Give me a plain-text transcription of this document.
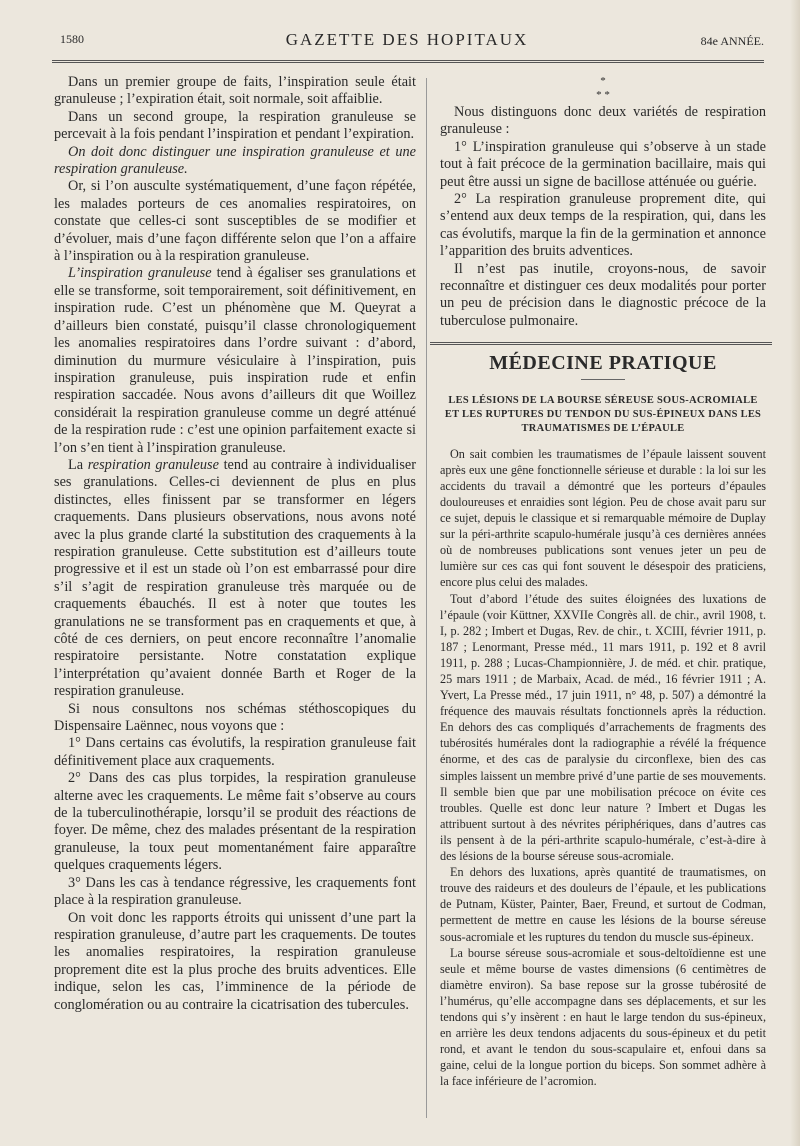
1580	GAZETTE DES HOPITAUX	84e ANNÉE.

Dans un premier groupe de faits, l’inspiration seule était granuleuse ; l’expiration était, soit normale, soit affaiblie.

Dans un second groupe, la respiration granuleuse se percevait à la fois pendant l’inspiration et pendant l’expiration.

On doit donc distinguer une inspiration granuleuse et une respiration granuleuse.

Or, si l’on ausculte systématiquement, d’une façon répétée, les malades porteurs de ces anomalies respiratoires, on constate que celles-ci sont susceptibles de se modifier et d’évoluer, mais d’une façon différente selon que l’on a affaire à l’inspiration ou à la respiration granuleuse.

L’inspiration granuleuse tend à égaliser ses granulations et elle se transforme, soit temporairement, soit définitivement, en inspiration rude. C’est un phénomène que M. Queyrat a d’ailleurs bien constaté, puisqu’il classe chronologiquement les anomalies respiratoires dans l’ordre suivant : d’abord, diminution du murmure vésiculaire à l’inspiration, puis inspiration granuleuse, puis inspiration rude et enfin respiration saccadée. Nous avons d’ailleurs dit que Woillez considérait la respiration granuleuse comme un degré atténué de la respiration rude : c’est une opinion parfaitement exacte si l’on s’en tient à l’inspiration granuleuse.

La respiration granuleuse tend au contraire à individualiser ses granulations. Celles-ci deviennent de plus en plus distinctes, elles finissent par se transformer en légers craquements. Dans plusieurs observations, nous avons noté avec la plus grande clarté la substitution des craquements à la respiration granuleuse. Cette substitution est d’ailleurs toute progressive et il est un stade où l’on est embarrassé pour dire s’il s’agit de respiration granuleuse très marquée ou de craquements ébauchés. Il est à noter que toutes les granulations ne se transforment pas en craquements et que, à côté de ces derniers, on peut encore reconnaître l’anomalie respiratoire persistante. Notre constatation explique l’interprétation qu’avaient donnée Barth et Roger de la respiration granuleuse.

Si nous consultons nos schémas stéthoscopiques du Dispensaire Laënnec, nous voyons que :

1° Dans certains cas évolutifs, la respiration granuleuse fait définitivement place aux craquements.

2° Dans des cas plus torpides, la respiration granuleuse alterne avec les craquements. Le même fait s’observe au cours de la tuberculinothérapie, lorsqu’il se produit des réactions de foyer. De même, chez des malades présentant de la respiration granuleuse, la toux peut momentanément faire apparaître quelques craquements légers.

3° Dans les cas à tendance régressive, les craquements font place à la respiration granuleuse.

On voit donc les rapports étroits qui unissent d’une part la respiration granuleuse, d’autre part les craquements. De toutes les anomalies respiratoires, la respiration granuleuse proprement dite est la plus proche des bruits adventices. Elle indique, selon les cas, l’imminence de la période de conglomération ou au contraire la cicatrisation des tubercules.

*
* *

Nous distinguons donc deux variétés de respiration granuleuse :

1° L’inspiration granuleuse qui s’observe à un stade tout à fait précoce de la germination bacillaire, mais qui peut être aussi un signe de bacillose atténuée ou guérie.

2° La respiration granuleuse proprement dite, qui s’entend aux deux temps de la respiration, qui, dans les cas évolutifs, marque la fin de la germination et annonce l’apparition des bruits adventices.

Il n’est pas inutile, croyons-nous, de savoir reconnaître et distinguer ces deux modalités pour porter un peu de précision dans le diagnostic précoce de la tuberculose pulmonaire.

MÉDECINE PRATIQUE
LES LÉSIONS DE LA BOURSE SÉREUSE SOUS-ACROMIALE ET LES RUPTURES DU TENDON DU SUS-ÉPINEUX DANS LES TRAUMATISMES DE L’ÉPAULE

On sait combien les traumatismes de l’épaule laissent souvent après eux une gêne fonctionnelle sérieuse et durable : la loi sur les accidents du travail a démontré que les porteurs d’épaules douloureuses et enraidies sont légion. Peu de chose avait paru sur ce sujet, depuis le classique et si remarquable mémoire de Duplay sur la péri-arthrite scapulo-humérale jusqu’à ces dernières années où de nombreuses publications sont venues jeter un peu de lumière sur ces cas qui font souvent le désespoir des praticiens, encore plus celui des malades.

Tout d’abord l’étude des suites éloignées des luxations de l’épaule (voir Küttner, XXVIIe Congrès all. de chir., avril 1908, t. I, p. 282 ; Imbert et Dugas, Rev. de chir., t. XCIII, février 1911, p. 187 ; Lenormant, Presse méd., 11 mars 1911, p. 192 et 8 avril 1911, p. 288 ; Lucas-Championnière, J. de méd. et chir. pratique, 25 mars 1911 ; de Marbaix, Acad. de méd., 16 février 1911 ; A. Yvert, La Presse méd., 17 juin 1911, n° 48, p. 507) a démontré la fréquence des mauvais résultats fonctionnels après la réduction. En dehors des cas compliqués d’arrachements de fragments des tubérosités humérales dont la radiographie a révélé la fréquence énorme, et des cas de paralysie du circonflexe, bien des cas simples laissent un membre privé d’une partie de ses mouvements. Il semble bien que par une mobilisation précoce on évite ces troubles. Quelle est donc leur nature ? Imbert et Dugas les attribuent surtout à des névrites périphériques, dans d’autres cas ils pensent à de la péri-arthrite scapulo-humérale, c’est-à-dire à des lésions de la bourse séreuse sous-acromiale.

En dehors des luxations, après quantité de traumatismes, on trouve des raideurs et des douleurs de l’épaule, et les publications de Putnam, Küster, Painter, Baer, Freund, et surtout de Codman, permettent de mettre en cause les lésions de la bourse séreuse sous-acromiale et les ruptures du tendon du muscle sus-épineux.

La bourse séreuse sous-acromiale et sous-deltoïdienne est une seule et même bourse de vastes dimensions (6 centimètres de diamètre environ). Sa base repose sur la grosse tubérosité de l’humérus, qu’elle accompagne dans ses déplacements, et sur les tendons qui s’y insèrent : en haut le large tendon du sus-épineux, en arrière les deux tendons adjacents du sous-épineux et du petit rond, et avant le tendon du sous-scapulaire et, enfoui dans sa gaine, celui de la longue portion du biceps. Son sommet adhère à la face inférieure de l’acromion.
